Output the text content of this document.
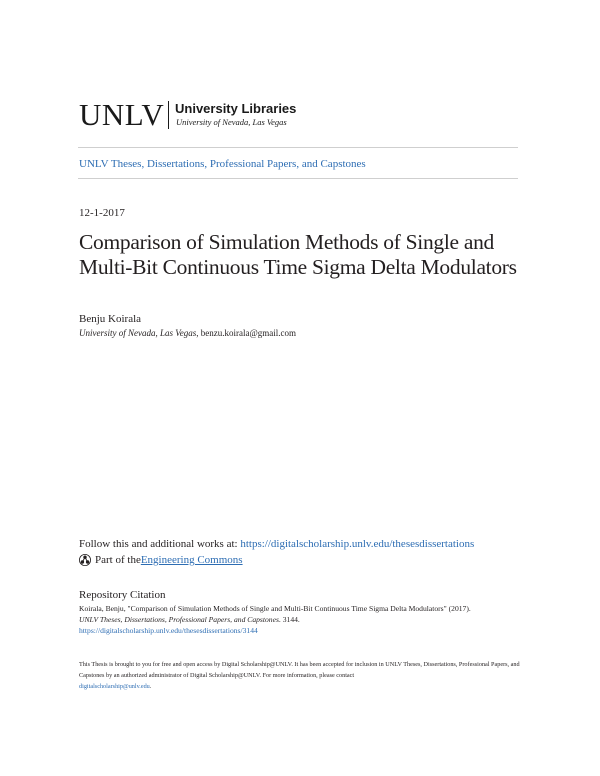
UNLV University Libraries
University of Nevada, Las Vegas
UNLV Theses, Dissertations, Professional Papers, and Capstones
12-1-2017
Comparison of Simulation Methods of Single and Multi-Bit Continuous Time Sigma Delta Modulators
Benju Koirala
University of Nevada, Las Vegas, benzu.koirala@gmail.com
Follow this and additional works at: https://digitalscholarship.unlv.edu/thesesdissertations
Part of the Engineering Commons
Repository Citation
Koirala, Benju, "Comparison of Simulation Methods of Single and Multi-Bit Continuous Time Sigma Delta Modulators" (2017).
UNLV Theses, Dissertations, Professional Papers, and Capstones. 3144.
https://digitalscholarship.unlv.edu/thesesdissertations/3144
This Thesis is brought to you for free and open access by Digital Scholarship@UNLV. It has been accepted for inclusion in UNLV Theses, Dissertations, Professional Papers, and Capstones by an authorized administrator of Digital Scholarship@UNLV. For more information, please contact
digitalscholarship@unlv.edu.
